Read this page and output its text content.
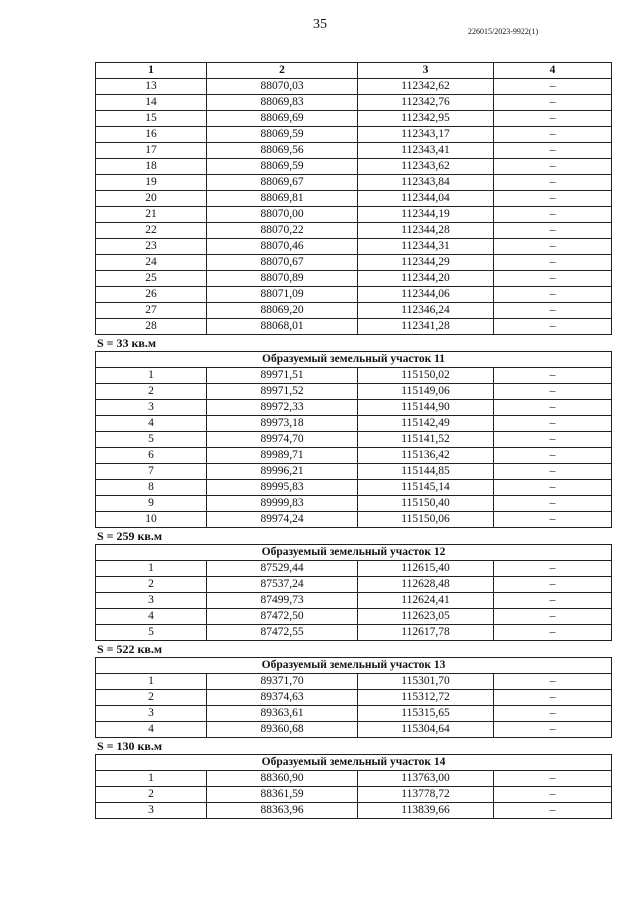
35	226015/2023-9922(1)
1	2	3	4
13	88070,03	112342,62	–
14	88069,83	112342,76	–
15	88069,69	112342,95	–
16	88069,59	112343,17	–
17	88069,56	112343,41	–
18	88069,59	112343,62	–
19	88069,67	112343,84	–
20	88069,81	112344,04	–
21	88070,00	112344,19	–
22	88070,22	112344,28	–
23	88070,46	112344,31	–
24	88070,67	112344,29	–
25	88070,89	112344,20	–
26	88071,09	112344,06	–
27	88069,20	112346,24	–
28	88068,01	112341,28	–
S = 33 кв.м
Образуемый земельный участок 11			
1	89971,51	115150,02	–
2	89971,52	115149,06	–
3	89972,33	115144,90	–
4	89973,18	115142,49	–
5	89974,70	115141,52	–
6	89989,71	115136,42	–
7	89996,21	115144,85	–
8	89995,83	115145,14	–
9	89999,83	115150,40	–
10	89974,24	115150,06	–
S = 259 кв.м
Образуемый земельный участок 12			
1	87529,44	112615,40	–
2	87537,24	112628,48	–
3	87499,73	112624,41	–
4	87472,50	112623,05	–
5	87472,55	112617,78	–
S = 522 кв.м
Образуемый земельный участок 13			
1	89371,70	115301,70	–
2	89374,63	115312,72	–
3	89363,61	115315,65	–
4	89360,68	115304,64	–
S = 130 кв.м
Образуемый земельный участок 14			
1	88360,90	113763,00	–
2	88361,59	113778,72	–
3	88363,96	113839,66	–
